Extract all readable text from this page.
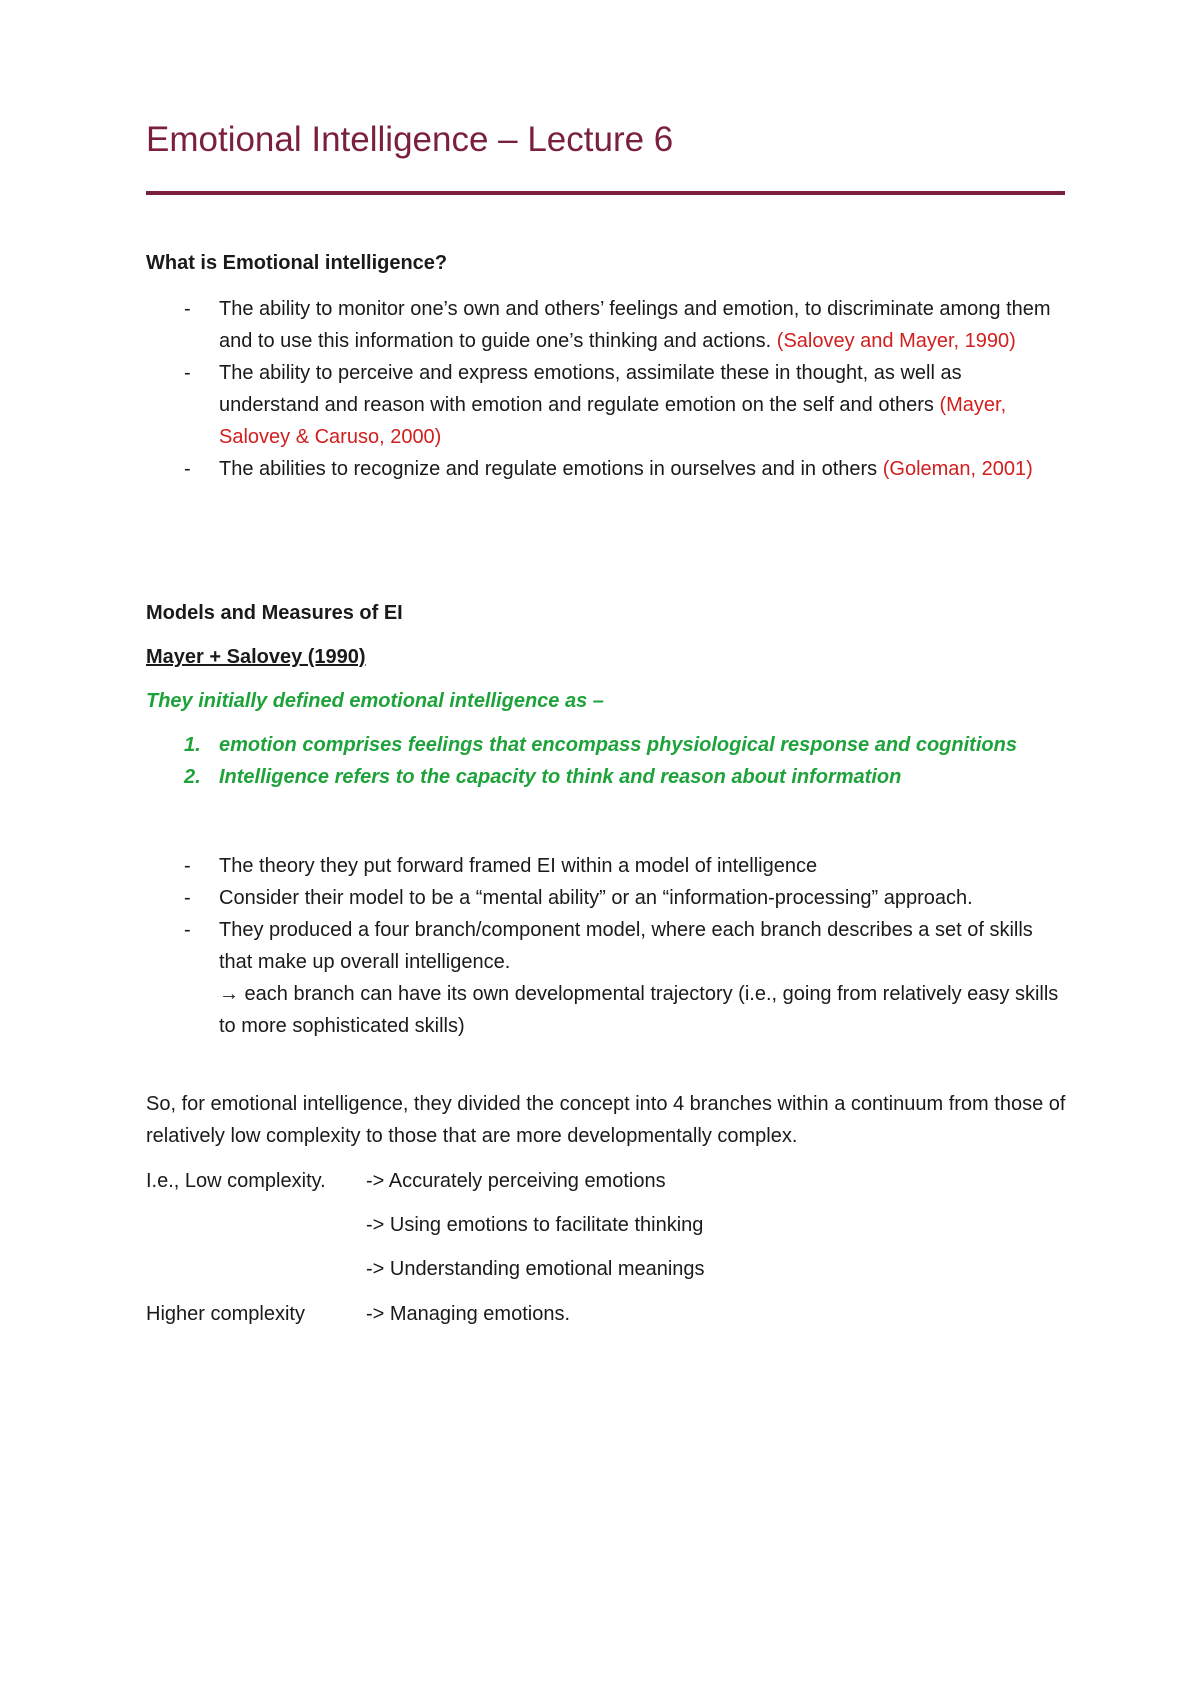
Emotional Intelligence – Lecture 6
What is Emotional intelligence?
- The ability to monitor one’s own and others’ feelings and emotion, to discriminate among them and to use this information to guide one’s thinking and actions. (Salovey and Mayer, 1990)
- The ability to perceive and express emotions, assimilate these in thought, as well as understand and reason with emotion and regulate emotion on the self and others (Mayer, Salovey & Caruso, 2000)
- The abilities to recognize and regulate emotions in ourselves and in others (Goleman, 2001)
Models and Measures of EI
Mayer + Salovey (1990)
They initially defined emotional intelligence as –
1. emotion comprises feelings that encompass physiological response and cognitions
2. Intelligence refers to the capacity to think and reason about information
- The theory they put forward framed EI within a model of intelligence
- Consider their model to be a “mental ability” or an “information-processing” approach.
- They produced a four branch/component model, where each branch describes a set of skills that make up overall intelligence.
→ each branch can have its own developmental trajectory (i.e., going from relatively easy skills to more sophisticated skills)
So, for emotional intelligence, they divided the concept into 4 branches within a continuum from those of relatively low complexity to those that are more developmentally complex.
I.e., Low complexity. -> Accurately perceiving emotions
-> Using emotions to facilitate thinking
-> Understanding emotional meanings
Higher complexity	-> Managing emotions.
